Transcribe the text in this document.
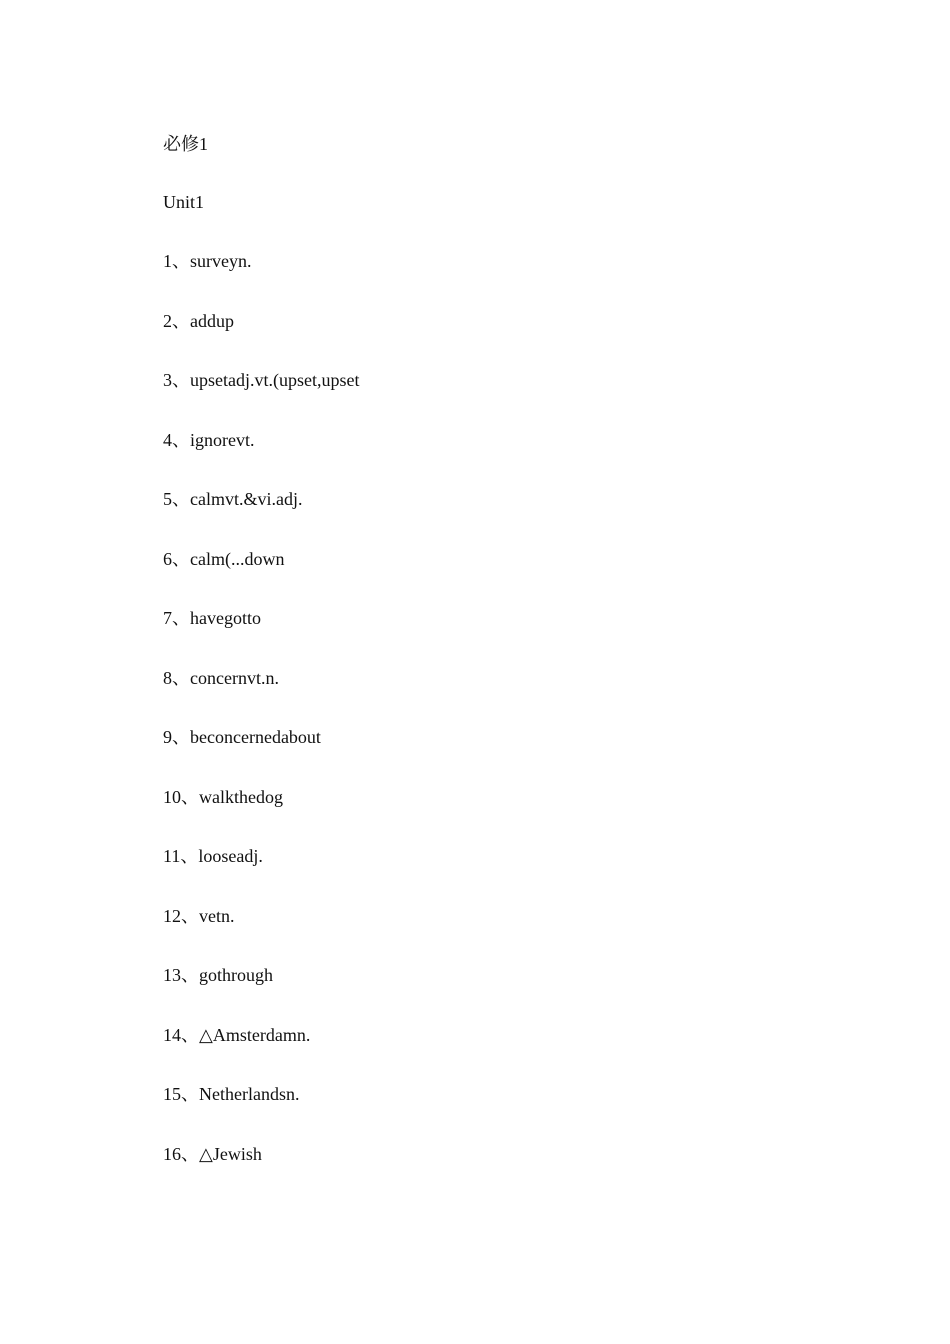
必修1
Unit1
1、surveyn.
2、addup
3、upsetadj.vt.(upset,upset
4、ignorevt.
5、calmvt.&vi.adj.
6、calm(...down
7、havegotto
8、concernvt.n.
9、beconcernedabout
10、walkthedog
11、looseadj.
12、vetn.
13、gothrough
14、△Amsterdamn.
15、Netherlandsn.
16、△Jewish
